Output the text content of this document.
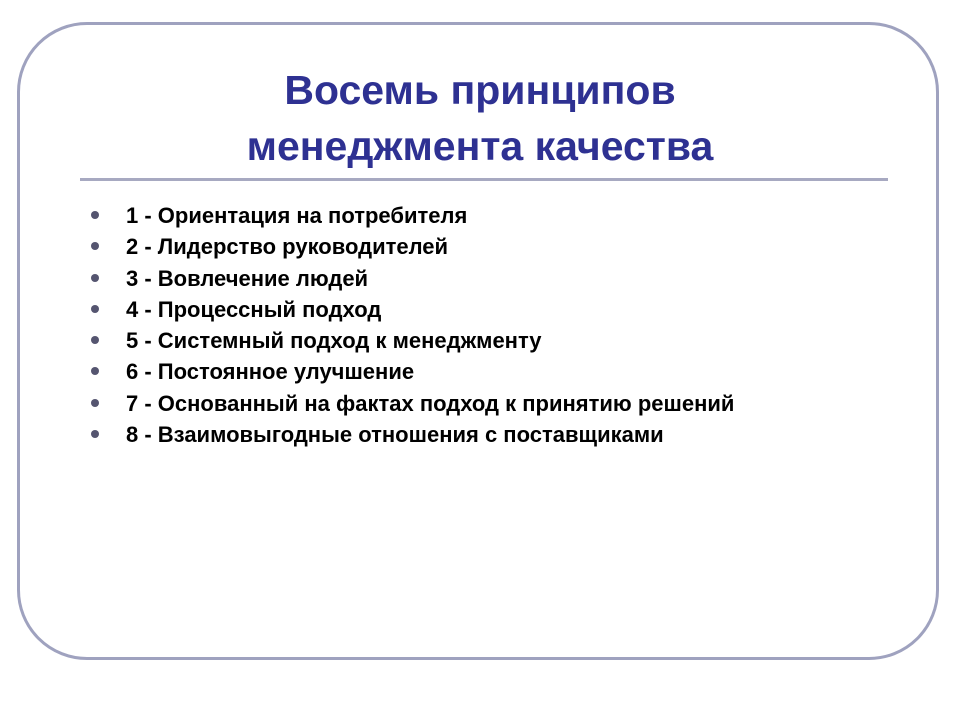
Восемь принципов
менеджмента качества
1 - Ориентация на потребителя
2 - Лидерство руководителей
3 - Вовлечение людей
4 - Процессный подход
5 - Системный подход к менеджменту
6 - Постоянное улучшение
7 - Основанный на фактах подход к принятию решений
8 - Взаимовыгодные отношения с поставщиками
